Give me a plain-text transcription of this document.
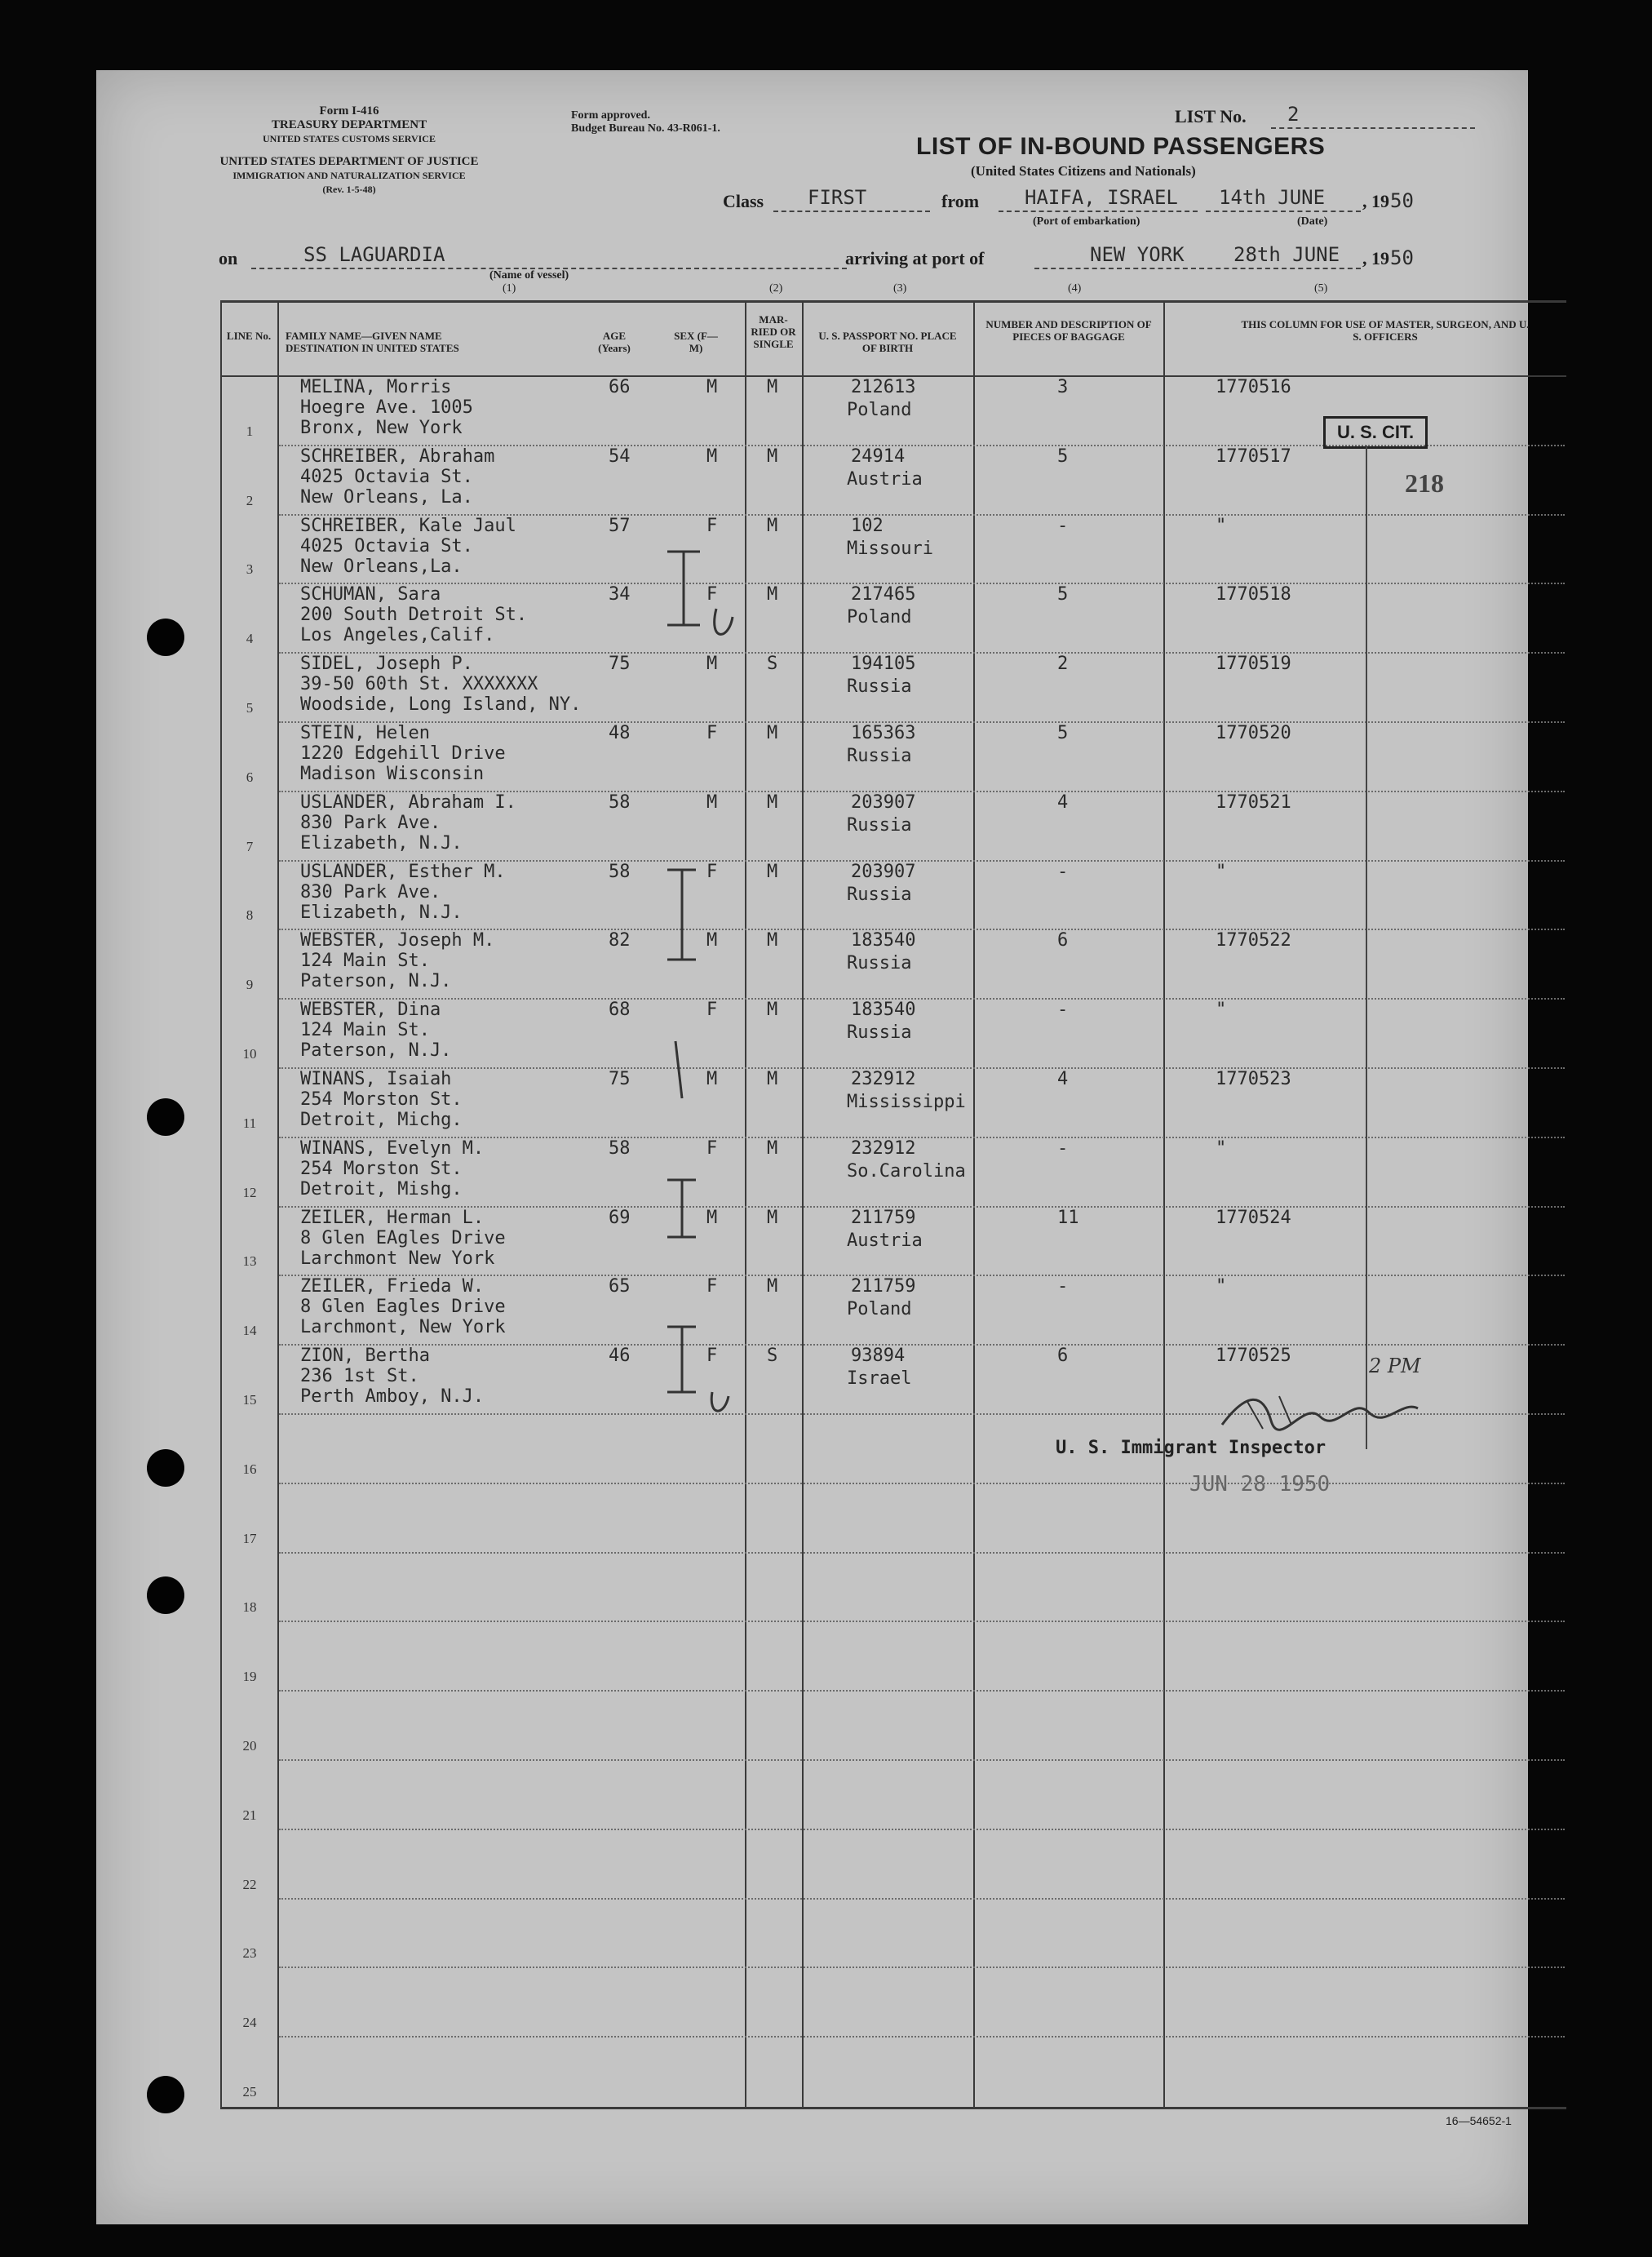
Form I-416
TREASURY DEPARTMENT
UNITED STATES CUSTOMS SERVICE
UNITED STATES DEPARTMENT OF JUSTICE
IMMIGRATION AND NATURALIZATION SERVICE
(Rev. 1-5-48)
Form approved.
Budget Bureau No. 43-R061-1.
LIST No. 2
LIST OF IN-BOUND PASSENGERS
(United States Citizens and Nationals)
Class FIRST	from HAIFA, ISRAEL
(Port of embarkation)
14th JUNE
(Date)
, 19 50
on	SS LAGUARDIA
(Name of vessel)
arriving at port of	NEW YORK	28th JUNE , 19 50
(1)	(2)	(3)	(4)	(5)
LINE No.	FAMILY NAME—GIVEN NAME DESTINATION IN UNITED STATES
AGE (Years)
SEX (F—M)
MAR-RIED OR SINGLE
U. S. PASSPORT NO. PLACE OF BIRTH
NUMBER AND DESCRIPTION OF PIECES OF BAGGAGE
THIS COLUMN FOR USE OF MASTER, SURGEON, AND U. S. OFFICERS
1
MELINA, Morris
Hoegre Ave. 1005
Bronx, New York
66	M	M	212613
Poland
3	1770516
2
SCHREIBER, Abraham
4025 Octavia St.
New Orleans, La.
54	M	M	24914
Austria
5	1770517
3
SCHREIBER, Kale Jaul
4025 Octavia St.
New Orleans,La.
57	F	M	102
Missouri
-	"
4
SCHUMAN, Sara
200 South Detroit St.
Los Angeles,Calif.
34	F	M	217465
Poland
5	1770518
5
SIDEL, Joseph P.
39-50 60th St. XXXXXXX
Woodside, Long Island, NY.
75	M	S	194105
Russia
2	1770519
6
STEIN, Helen
1220 Edgehill Drive
Madison Wisconsin
48	F	M	165363
Russia
5	1770520
7
USLANDER, Abraham I.
830 Park Ave.
Elizabeth, N.J.
58	M	M	203907
Russia
4	1770521
8
USLANDER, Esther M.
830 Park Ave.
Elizabeth, N.J.
58	F	M	203907
Russia
-	"
9
WEBSTER, Joseph M.
124 Main St.
Paterson, N.J.
82	M	M	183540
Russia
6	1770522
10
WEBSTER, Dina
124 Main St.
Paterson, N.J.
68	F	M	183540
Russia
-	"
11
WINANS, Isaiah
254 Morston St.
Detroit, Michg.
75	M	M	232912
Mississippi
4	1770523
12
WINANS, Evelyn M.
254 Morston St.
Detroit, Mishg.
58	F	M	232912
So.Carolina
-	"
13
ZEILER, Herman L.
8 Glen EAgles Drive
Larchmont New York
69	M	M	211759
Austria
11	1770524
14
ZEILER, Frieda W.
8 Glen Eagles Drive
Larchmont, New York
65	F	M	211759
Poland
-	"
15
ZION, Bertha
236 1st St.
Perth Amboy, N.J.
46	F	S	93894
Israel
6	1770525
16
17
18
19
20
21
22
23
24
25
U. S. CIT.
218
2 PM
U. S. Immigrant Inspector
JUN 28 1950
16—54652-1
